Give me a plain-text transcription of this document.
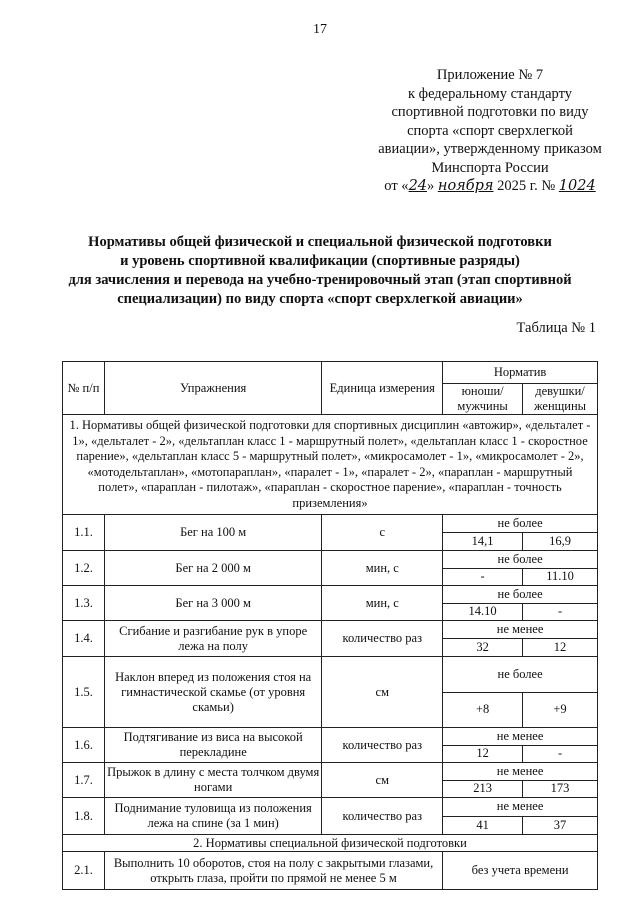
17
Приложение № 7
к федеральному стандарту
спортивной подготовки по виду
спорта «спорт сверхлегкой
авиации», утвержденному приказом
Минспорта России
от «24» ноября 2025 г. № 1024
Нормативы общей физической и специальной физической подготовки
и уровень спортивной квалификации (спортивные разряды)
для зачисления и перевода на учебно-тренировочный этап (этап спортивной
специализации) по виду спорта «спорт сверхлегкой авиации»
Таблица № 1
№ п/п	Упражнения	Единица измерения	Норматив	
			юноши/ мужчины	девушки/ женщины
1. Нормативы общей физической подготовки для спортивных дисциплин «автожир», «дельталет - 1», «дельталет - 2», «дельтаплан класс 1 - маршрутный полет», «дельтаплан класс 1 - скоростное парение», «дельтаплан класс 5 - маршрутный полет», «микросамолет - 1», «микросамолет - 2», «мотодельтаплан», «мотопараплан», «паралет - 1», «паралет - 2», «параплан - маршрутный полет», «параплан - пилотаж», «параплан - скоростное парение», «параплан - точность приземления»				
1.1.	Бег на 100 м	с	не более	
			14,1	16,9
1.2.	Бег на 2 000 м	мин, с	не более	
			-	11.10
1.3.	Бег на 3 000 м	мин, с	не более	
			14.10	-
1.4.	Сгибание и разгибание рук в упоре лежа на полу	количество раз	не менее	
			32	12
1.5.	Наклон вперед из положения стоя на гимнастической скамье (от уровня скамьи)	см	не более	
			+8	+9
1.6.	Подтягивание из виса на высокой перекладине	количество раз	не менее	
			12	-
1.7.	Прыжок в длину с места толчком двумя ногами	см	не менее	
			213	173
1.8.	Поднимание туловища из положения лежа на спине (за 1 мин)	количество раз	не менее	
			41	37
2. Нормативы специальной физической подготовки				
2.1.	Выполнить 10 оборотов, стоя на полу с закрытыми глазами, открыть глаза, пройти по прямой не менее 5 м		без учета времени	
